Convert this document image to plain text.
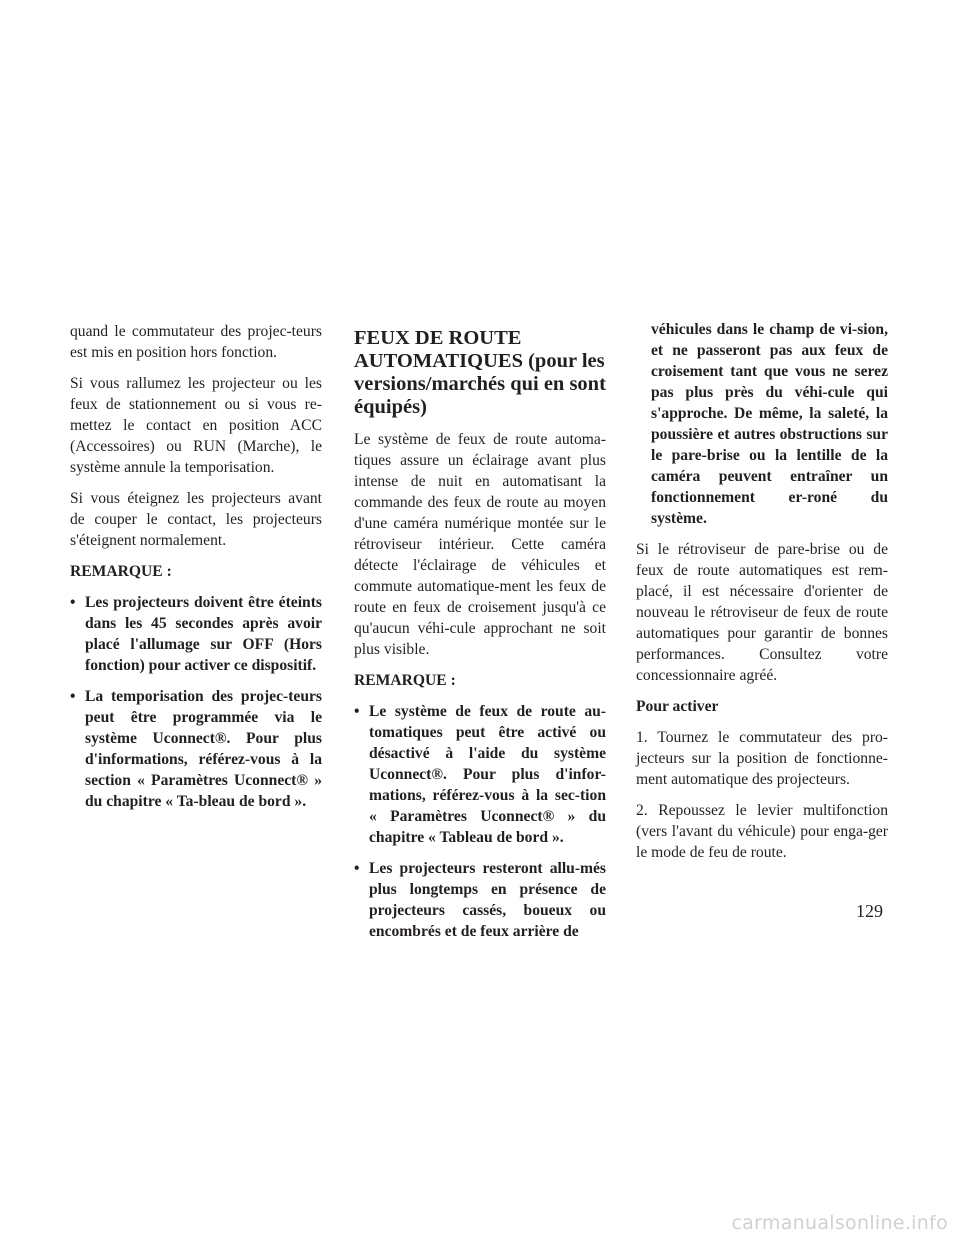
quand le commutateur des projec-teurs est mis en position hors fonction.

Si vous rallumez les projecteur ou les feux de stationnement ou si vous re-mettez le contact en position ACC (Accessoires) ou RUN (Marche), le système annule la temporisation.

Si vous éteignez les projecteurs avant de couper le contact, les projecteurs s'éteignent normalement.

REMARQUE :

• Les projecteurs doivent être éteints dans les 45 secondes après avoir placé l'allumage sur OFF (Hors fonction) pour activer ce dispositif.
• La temporisation des projec-teurs peut être programmée via le système Uconnect®. Pour plus d'informations, référez-vous à la section « Paramètres Uconnect® » du chapitre « Ta-bleau de bord ».
FEUX DE ROUTE AUTOMATIQUES (pour les versions/marchés qui en sont équipés)

Le système de feux de route automa-tiques assure un éclairage avant plus intense de nuit en automatisant la commande des feux de route au moyen d'une caméra numérique montée sur le rétroviseur intérieur. Cette caméra détecte l'éclairage de véhicules et commute automatique-ment les feux de route en feux de croisement jusqu'à ce qu'aucun véhi-cule approchant ne soit plus visible.

REMARQUE :

• Le système de feux de route au-tomatiques peut être activé ou désactivé à l'aide du système Uconnect®. Pour plus d'infor-mations, référez-vous à la sec-tion « Paramètres Uconnect® » du chapitre « Tableau de bord ».
• Les projecteurs resteront allu-més plus longtemps en présence de projecteurs cassés, boueux ou encombrés et de feux arrière de
véhicules dans le champ de vi-sion, et ne passeront pas aux feux de croisement tant que vous ne serez pas plus près du véhi-cule qui s'approche. De même, la saleté, la poussière et autres obstructions sur le pare-brise ou la lentille de la caméra peuvent entraîner un fonctionnement er-roné du système.

Si le rétroviseur de pare-brise ou de feux de route automatiques est rem-placé, il est nécessaire d'orienter de nouveau le rétroviseur de feux de route automatiques pour garantir de bonnes performances. Consultez votre concessionnaire agréé.

Pour activer

1. Tournez le commutateur des pro-jecteurs sur la position de fonctionne-ment automatique des projecteurs.

2. Repoussez le levier multifonction (vers l'avant du véhicule) pour enga-ger le mode de feu de route.

129
carmanualsonline.info
